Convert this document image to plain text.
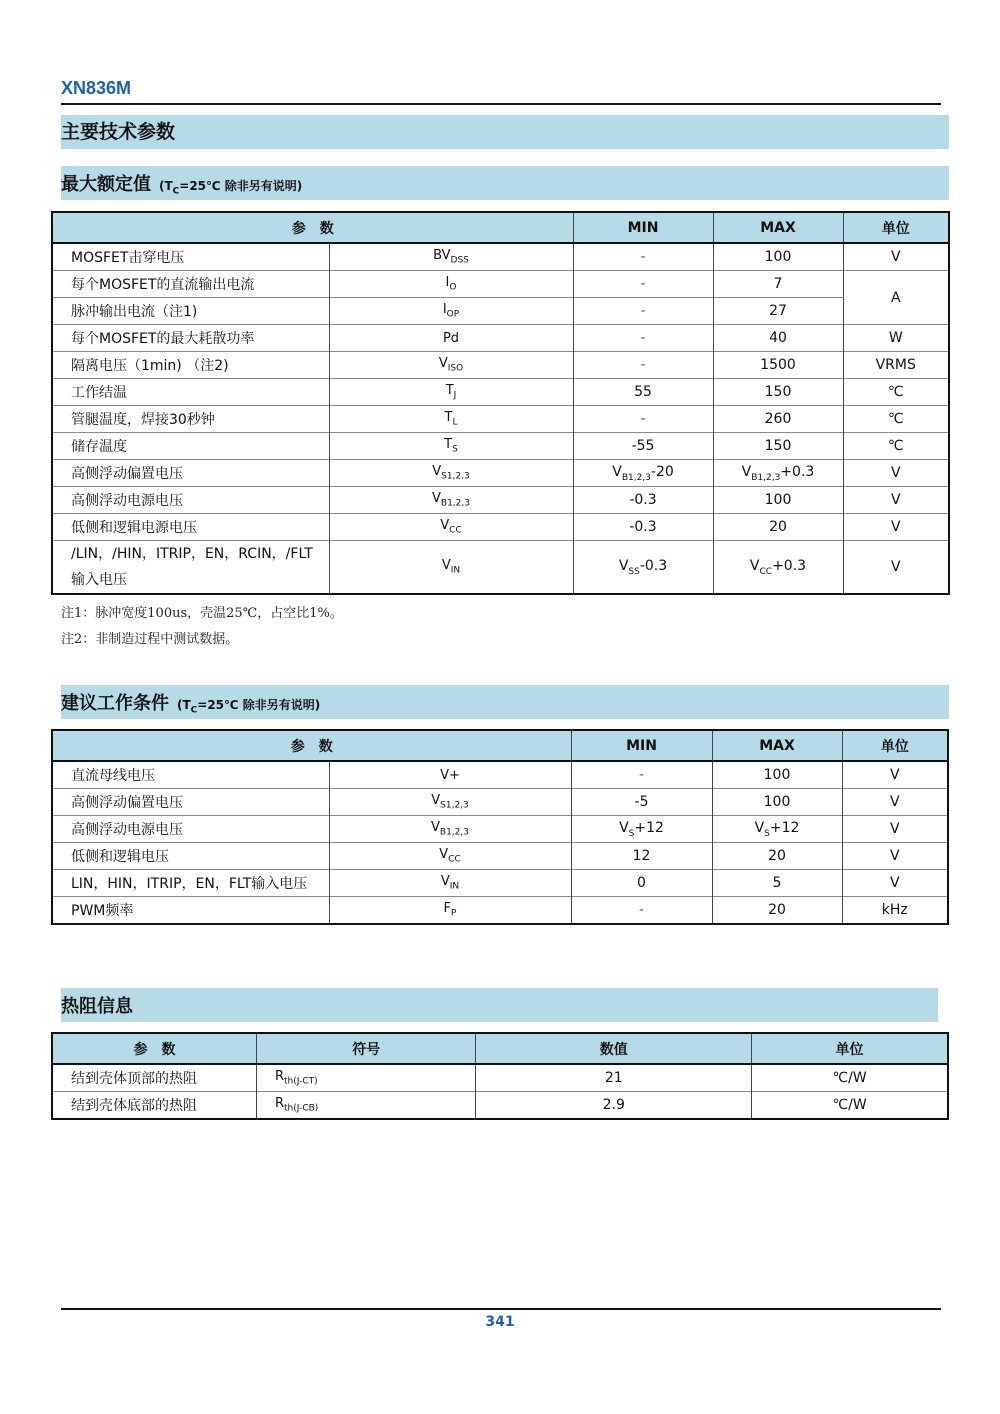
XN836M
主要技术参数
最大额定值 ($T_C=25℃$ 除非另有说明)
参　数		MIN	MAX	单位
MOSFET击穿电压	$BV_{DSS}$	-	100	V
每个MOSFET的直流输出电流	$I_O$	-	7	A
脉冲输出电流（注1)	$I_{OP}$	-	27	
每个MOSFET的最大耗散功率	Pd	-	40	W
隔离电压（1min) （注2)	$V_{ISO}$	-	1500	VRMS
工作结温	$T_J$	55	150	℃
管腿温度，焊接30秒钟	$T_L$	-	260	℃
储存温度	$T_S$	-55	150	℃
高侧浮动偏置电压	$V_{S1,2,3}$	$V_{B1,2,3}-20$	$V_{B1,2,3}+0.3$	V
高侧浮动电源电压	$V_{B1,2,3}$	-0.3	100	V
低侧和逻辑电源电压	$V_{CC}$	-0.3	20	V
/LIN，/HIN，ITRIP，EN，RCIN，/FLT
输入电压	$V_{IN}$	$V_{SS}-0.3$	$V_{CC}+0.3$	V
注1：脉冲宽度100us，壳温25℃，占空比1%。
注2：非制造过程中测试数据。
建议工作条件 ($T_C=25℃$ 除非另有说明)
参　数		MIN	MAX	单位
直流母线电压	V+	-	100	V
高侧浮动偏置电压	$V_{S1,2,3}$	-5	100	V
高侧浮动电源电压	$V_{B1,2,3}$	$V_S+12$	$V_S+12$	V
低侧和逻辑电压	$V_{CC}$	12	20	V
LIN，HIN，ITRIP，EN，FLT输入电压	$V_{IN}$	0	5	V
PWM频率	$F_P$	-	20	kHz
热阻信息
参　数	符号	数值	单位
结到壳体顶部的热阻	$R_{th(J-CT)}$	21	℃/W
结到壳体底部的热阻	$R_{th(J-CB)}$	2.9	℃/W
341
